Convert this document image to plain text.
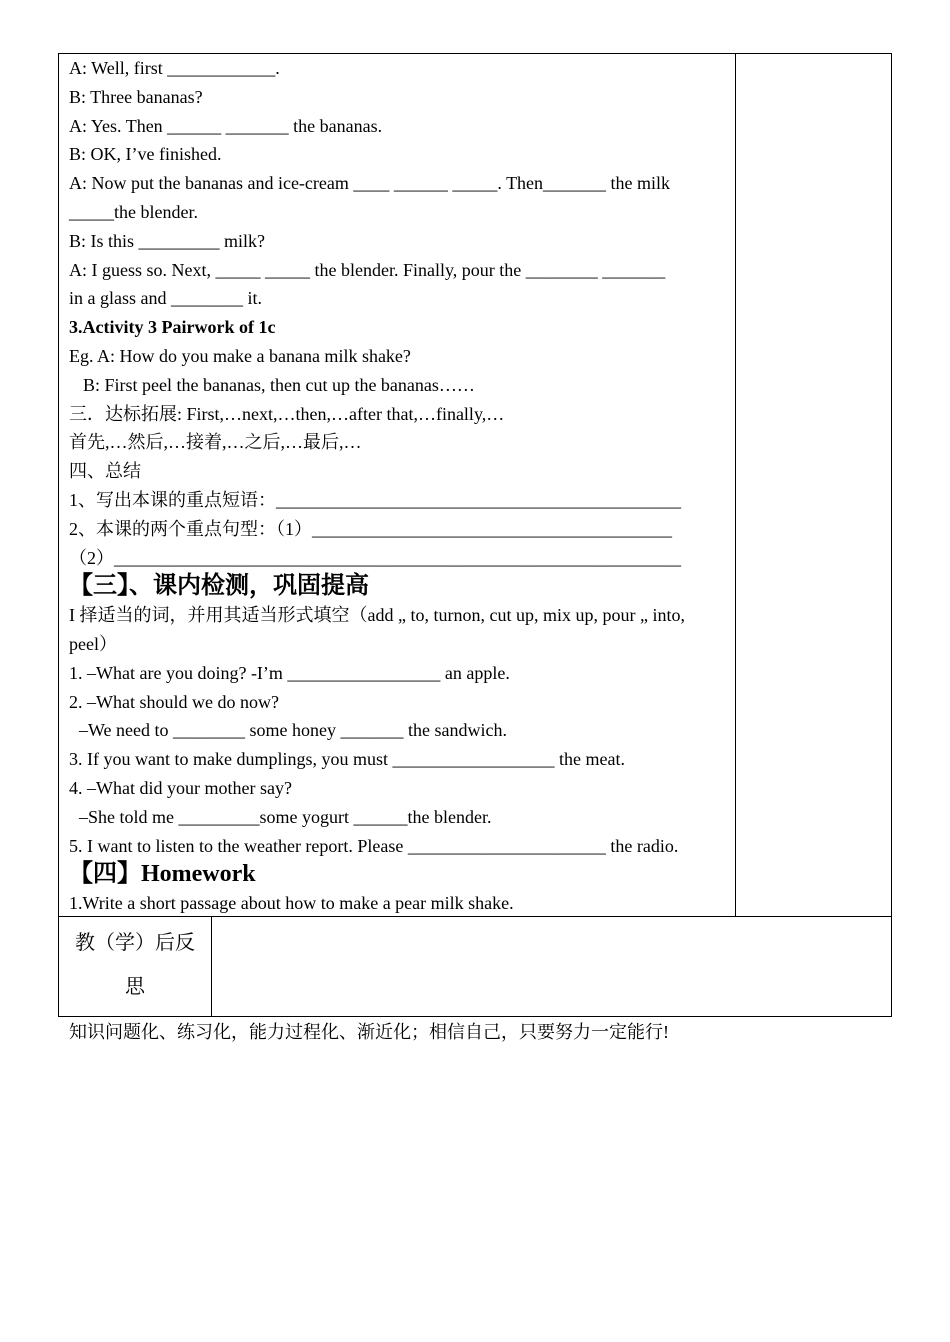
A: Well, first ____________.
B: Three bananas?
A: Yes. Then ______ _______ the bananas.
B: OK, I’ve finished.
A: Now put the bananas and ice-cream ____ ______ _____. Then_______ the milk
_____the blender.
B: Is this _________ milk?
A: I guess so. Next, _____ _____ the blender. Finally, pour the ________ _______
in a glass and ________ it.
3.Activity 3 Pairwork of 1c
Eg. A: How do you make a banana milk shake?
B: First peel the bananas, then cut up the bananas……
三．达标拓展: First,…next,…then,…after that,…finally,…
首先,…然后,…接着,…之后,…最后,…
四、总结
1、写出本课的重点短语：_____________________________________________
2、本课的两个重点句型：（1）________________________________________
（2）_______________________________________________________________
【三】、课内检测，巩固提高
I 择适当的词，并用其适当形式填空（add „ to, turnon, cut up, mix up, pour „ into,
peel）
1. –What are you doing? -I’m _________________ an apple.
2. –What should we do now?
–We need to ________ some honey _______ the sandwich.
3. If you want to make dumplings, you must __________________ the meat.
4. –What did your mother say?
–She told me _________some yogurt ______the blender.
5. I want to listen to the weather report. Please ______________________ the radio.
【四】Homework
1.Write a short passage about how to make a pear milk shake.
教（学）后反
思
知识问题化、练习化，能力过程化、渐近化；相信自己，只要努力一定能行!
